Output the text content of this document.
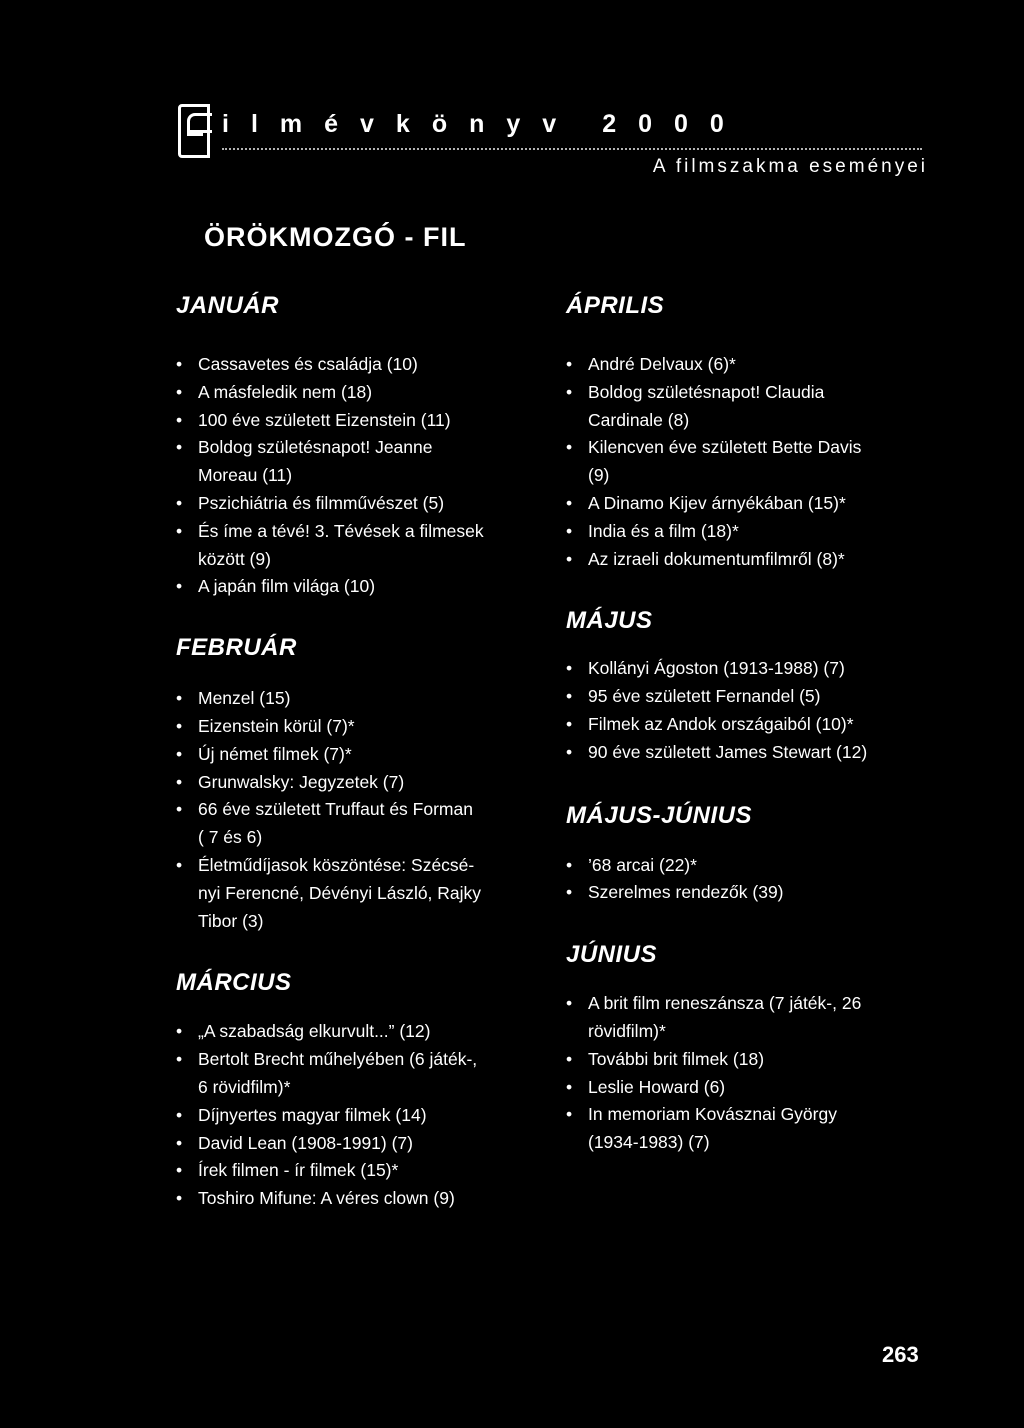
ilmévkönyv 2000
A filmszakma eseményei
ÖRÖKMOZGÓ - FIL
JANUÁR
• Cassavetes és családja (10)
• A másfeledik nem (18)
• 100 éve született Eizenstein (11)
• Boldog születésnapot! Jeanne
Moreau (11)
• Pszichiátria és filmművészet (5)
• És íme a tévé! 3. Tévések a filmesek
között (9)
• A japán film világa (10)
FEBRUÁR
• Menzel (15)
• Eizenstein körül (7)*
• Új német filmek (7)*
• Grunwalsky: Jegyzetek (7)
• 66 éve született Truffaut és Forman
( 7 és 6)
• Életműdíjasok köszöntése: Szécsé-
nyi Ferencné, Dévényi László, Rajky
Tibor (3)
MÁRCIUS
• „A szabadság elkurvult...” (12)
• Bertolt Brecht műhelyében (6 játék-,
6 rövidfilm)*
• Díjnyertes magyar filmek (14)
• David Lean (1908-1991) (7)
• Írek filmen - ír filmek (15)*
• Toshiro Mifune: A véres clown (9)
ÁPRILIS
• André Delvaux (6)*
• Boldog születésnapot! Claudia
Cardinale (8)
• Kilencven éve született Bette Davis
(9)
• A Dinamo Kijev árnyékában (15)*
• India és a film (18)*
• Az izraeli dokumentumfilmről (8)*
MÁJUS
• Kollányi Ágoston (1913-1988) (7)
• 95 éve született Fernandel (5)
• Filmek az Andok országaiból (10)*
• 90 éve született James Stewart (12)
MÁJUS-JÚNIUS
• ’68 arcai (22)*
• Szerelmes rendezők (39)
JÚNIUS
• A brit film reneszánsza (7 játék-, 26
rövidfilm)*
• További brit filmek (18)
• Leslie Howard (6)
• In memoriam Kovásznai György
(1934-1983) (7)
263
